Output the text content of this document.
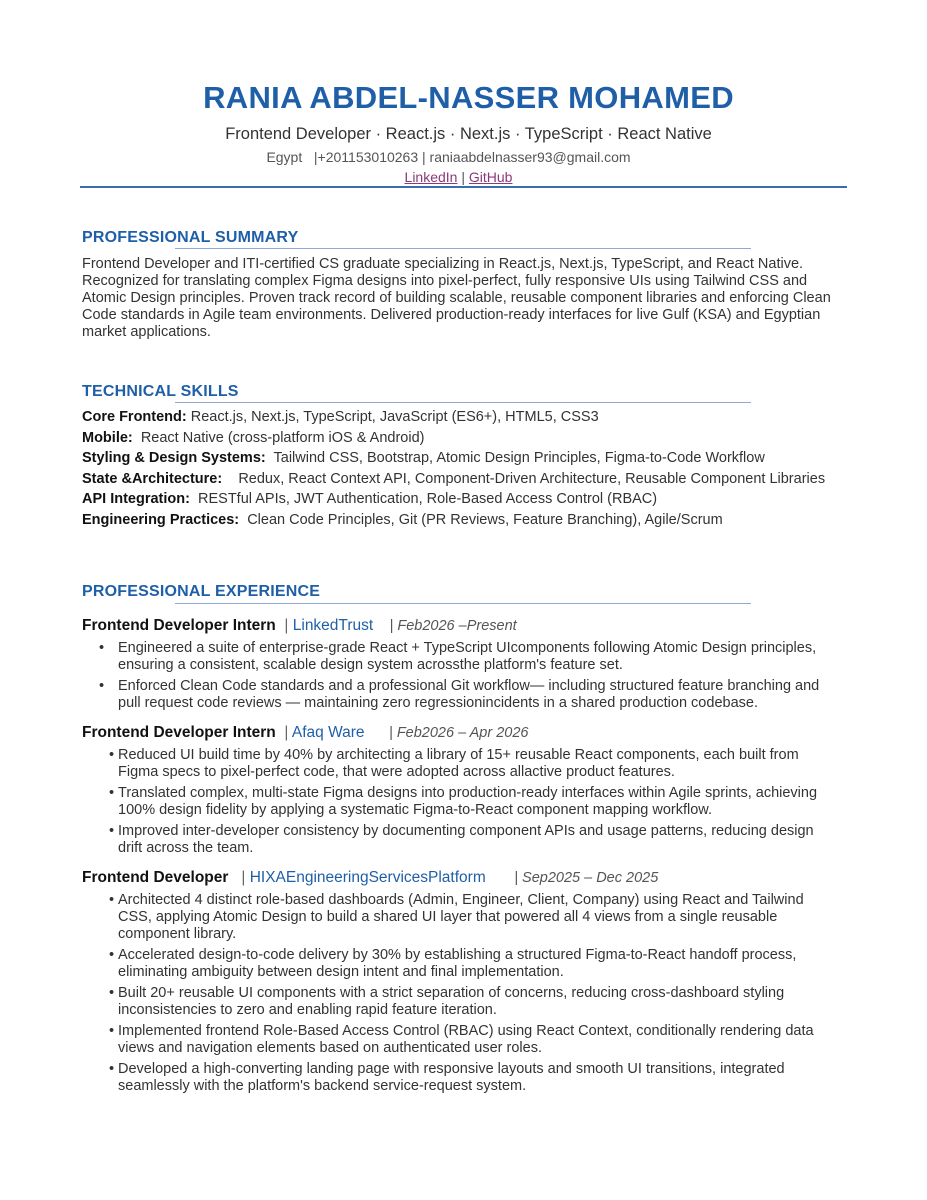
RANIA ABDEL-NASSER MOHAMED
Frontend Developer · React.js · Next.js · TypeScript · React Native
Egypt |+201153010263 | raniaabdelnasser93@gmail.com
LinkedIn | GitHub
PROFESSIONAL SUMMARY
Frontend Developer and ITI-certified CS graduate specializing in React.js, Next.js, TypeScript, and React Native. Recognized for translating complex Figma designs into pixel-perfect, fully responsive UIs using Tailwind CSS and Atomic Design principles. Proven track record of building scalable, reusable component libraries and enforcing Clean Code standards in Agile team environments. Delivered production-ready interfaces for live Gulf (KSA) and Egyptian market applications.
TECHNICAL SKILLS
Core Frontend: React.js, Next.js, TypeScript, JavaScript (ES6+), HTML5, CSS3
Mobile: React Native (cross-platform iOS & Android)
Styling & Design Systems: Tailwind CSS, Bootstrap, Atomic Design Principles, Figma-to-Code Workflow
State &Architecture: Redux, React Context API, Component-Driven Architecture, Reusable Component Libraries
API Integration: RESTful APIs, JWT Authentication, Role-Based Access Control (RBAC)
Engineering Practices: Clean Code Principles, Git (PR Reviews, Feature Branching), Agile/Scrum
PROFESSIONAL EXPERIENCE
Frontend Developer Intern  | LinkedTrust    | Feb2026 –Present
• Engineered a suite of enterprise-grade React + TypeScript UIcomponents following Atomic Design principles, ensuring a consistent, scalable design system acrossthe platform's feature set.
• Enforced Clean Code standards and a professional Git workflow— including structured feature branching and pull request code reviews — maintaining zero regressionincidents in a shared production codebase.
Frontend Developer Intern  | Afaq Ware      | Feb2026 – Apr 2026
• Reduced UI build time by 40% by architecting a library of 15+ reusable React components, each built from Figma specs to pixel-perfect code, that were adopted across allactive product features.
• Translated complex, multi-state Figma designs into production-ready interfaces within Agile sprints, achieving 100% design fidelity by applying a systematic Figma-to-React component mapping workflow.
• Improved inter-developer consistency by documenting component APIs and usage patterns, reducing design drift across the team.
Frontend Developer   | HIXAEngineeringServicesPlatform       | Sep2025 – Dec 2025
• Architected 4 distinct role-based dashboards (Admin, Engineer, Client, Company) using React and Tailwind CSS, applying Atomic Design to build a shared UI layer that powered all 4 views from a single reusable component library.
• Accelerated design-to-code delivery by 30% by establishing a structured Figma-to-React handoff process, eliminating ambiguity between design intent and final implementation.
• Built 20+ reusable UI components with a strict separation of concerns, reducing cross-dashboard styling inconsistencies to zero and enabling rapid feature iteration.
• Implemented frontend Role-Based Access Control (RBAC) using React Context, conditionally rendering data views and navigation elements based on authenticated user roles.
• Developed a high-converting landing page with responsive layouts and smooth UI transitions, integrated seamlessly with the platform's backend service-request system.
